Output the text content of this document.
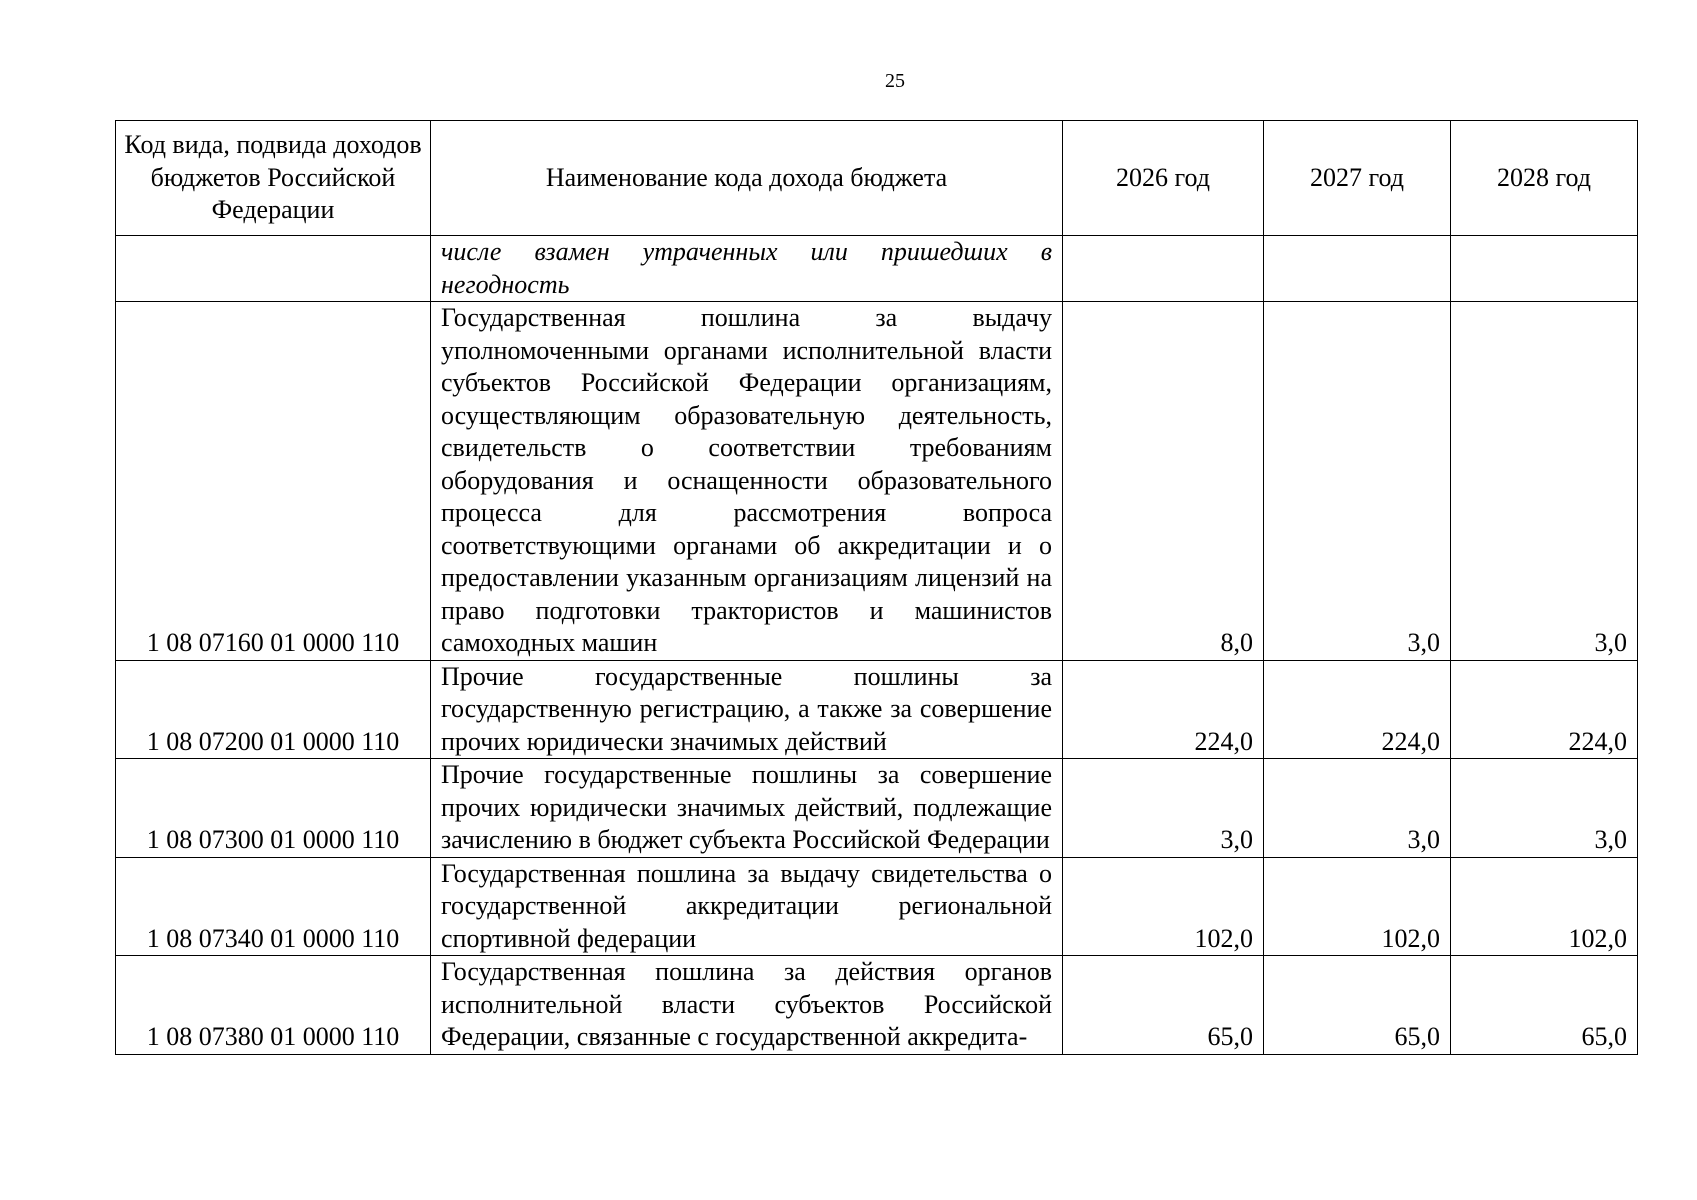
25
Код вида, подвида доходов бюджетов Российской Федерации	Наименование кода дохода бюджета	2026 год	2027 год	2028 год
	числе взамен утраченных или пришедших в негодность			
1 08 07160 01 0000 110	Государственная пошлина за выдачу уполномоченными органами исполнительной власти субъектов Российской Федерации организациям, осуществляющим образовательную деятельность, свидетельств о соответствии требованиям оборудования и оснащенности образовательного процесса для рассмотрения вопроса соответствующими органами об аккредитации и о предоставлении указанным организациям лицензий на право подготовки трактористов и машинистов самоходных машин	8,0	3,0	3,0
1 08 07200 01 0000 110	Прочие государственные пошлины за государственную регистрацию, а также за совершение прочих юридически значимых действий	224,0	224,0	224,0
1 08 07300 01 0000 110	Прочие государственные пошлины за совершение прочих юридически значимых действий, подлежащие зачислению в бюджет субъекта Российской Федерации	3,0	3,0	3,0
1 08 07340 01 0000 110	Государственная пошлина за выдачу свидетельства о государственной аккредитации региональной спортивной федерации	102,0	102,0	102,0
1 08 07380 01 0000 110	Государственная пошлина за действия органов исполнительной власти субъектов Российской Федерации, связанные с государственной аккредита-	65,0	65,0	65,0
